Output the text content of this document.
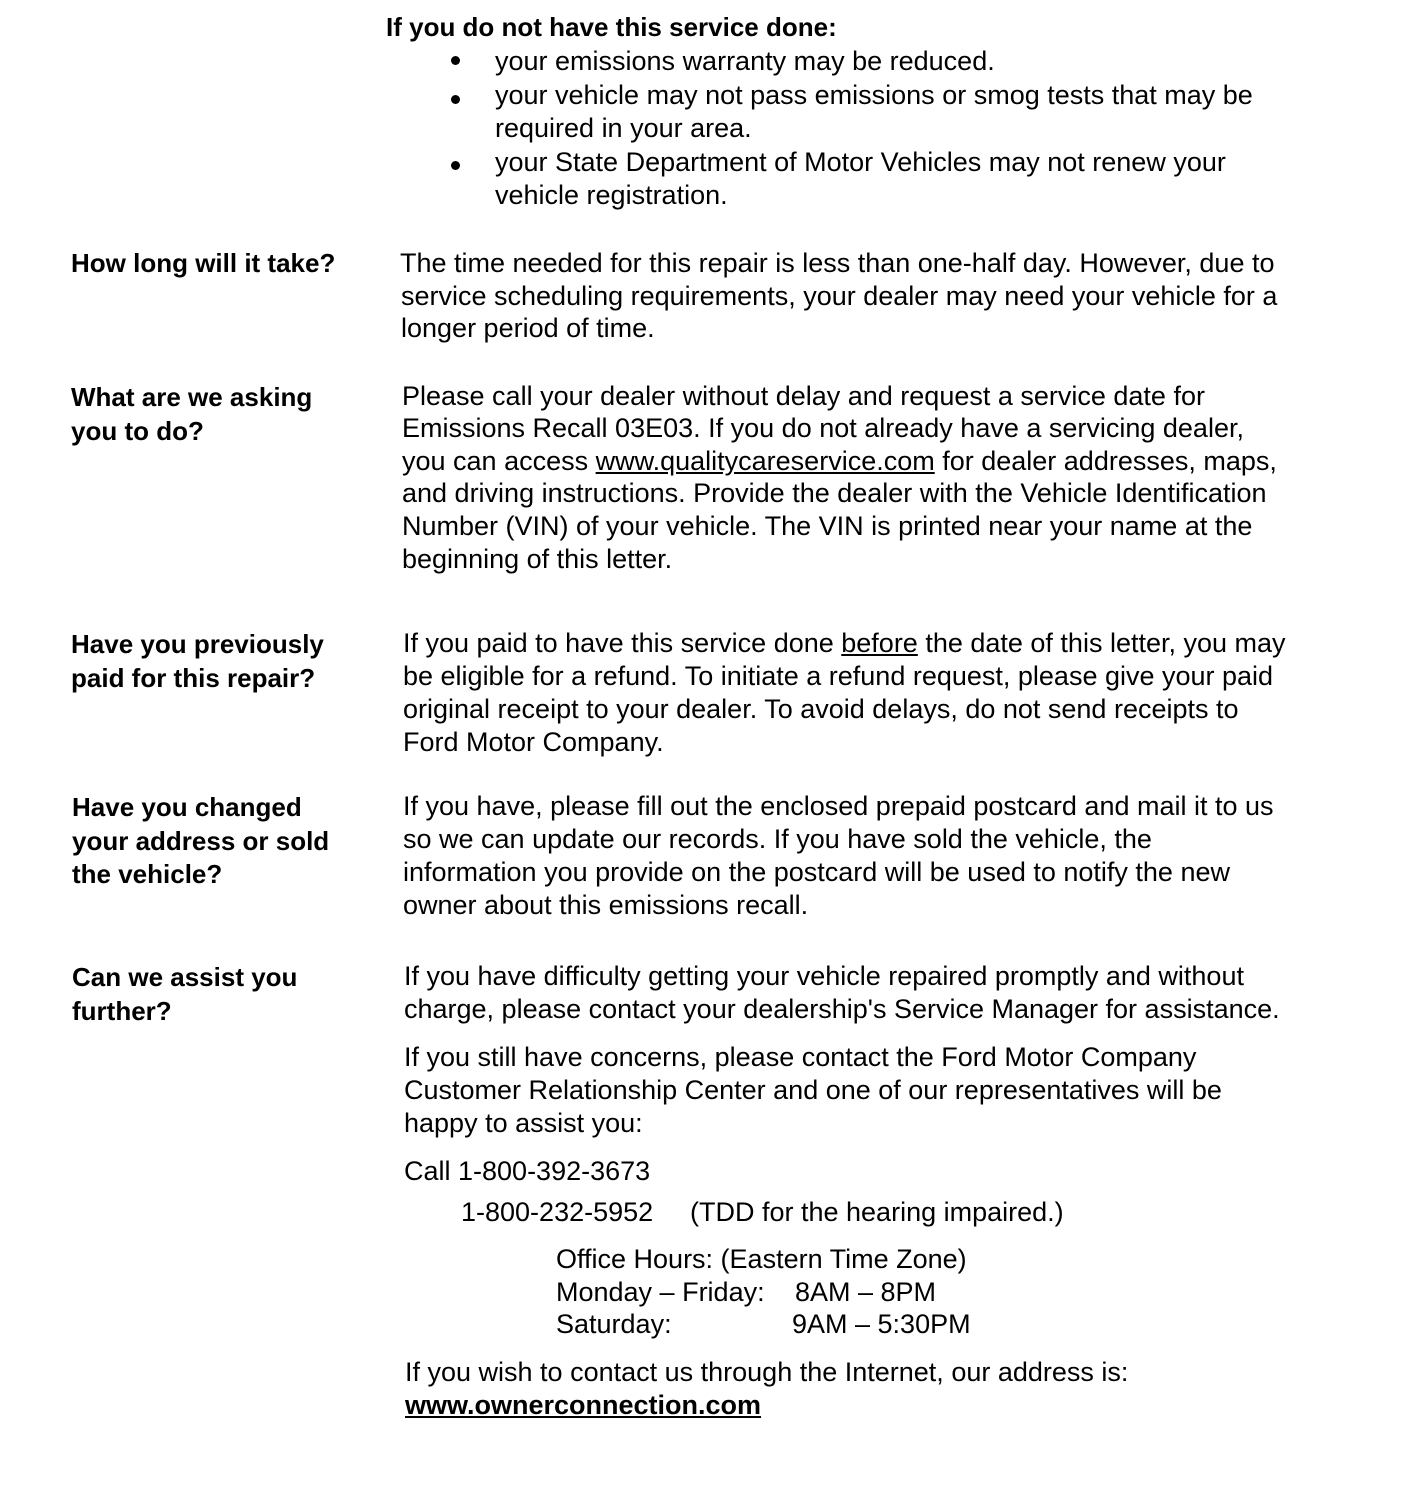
If you do not have this service done:
your emissions warranty may be reduced.
your vehicle may not pass emissions or smog tests that may be
required in your area.
your State Department of Motor Vehicles may not renew your
vehicle registration.
How long will it take? The time needed for this repair is less than one-half day. However, due to
service scheduling requirements, your dealer may need your vehicle for a
longer period of time.
What are we asking
you to do?
Please call your dealer without delay and request a service date for
Emissions Recall 03E03. If you do not already have a servicing dealer,
you can access www.qualitycareservice.com for dealer addresses, maps,
and driving instructions. Provide the dealer with the Vehicle Identification
Number (VIN) of your vehicle. The VIN is printed near your name at the
beginning of this letter.
Have you previously
paid for this repair?
If you paid to have this service done before the date of this letter, you may
be eligible for a refund. To initiate a refund request, please give your paid
original receipt to your dealer. To avoid delays, do not send receipts to
Ford Motor Company.
Have you changed
your address or sold
the vehicle?
If you have, please fill out the enclosed prepaid postcard and mail it to us
so we can update our records. If you have sold the vehicle, the
information you provide on the postcard will be used to notify the new
owner about this emissions recall.
Can we assist you
further?
If you have difficulty getting your vehicle repaired promptly and without
charge, please contact your dealership's Service Manager for assistance.
If you still have concerns, please contact the Ford Motor Company
Customer Relationship Center and one of our representatives will be
happy to assist you:
Call 1-800-392-3673
1-800-232-5952 (TDD for the hearing impaired.)
Office Hours: (Eastern Time Zone)
Monday – Friday: 8AM – 8PM
Saturday:	9AM – 5:30PM
If you wish to contact us through the Internet, our address is:
www.ownerconnection.com
